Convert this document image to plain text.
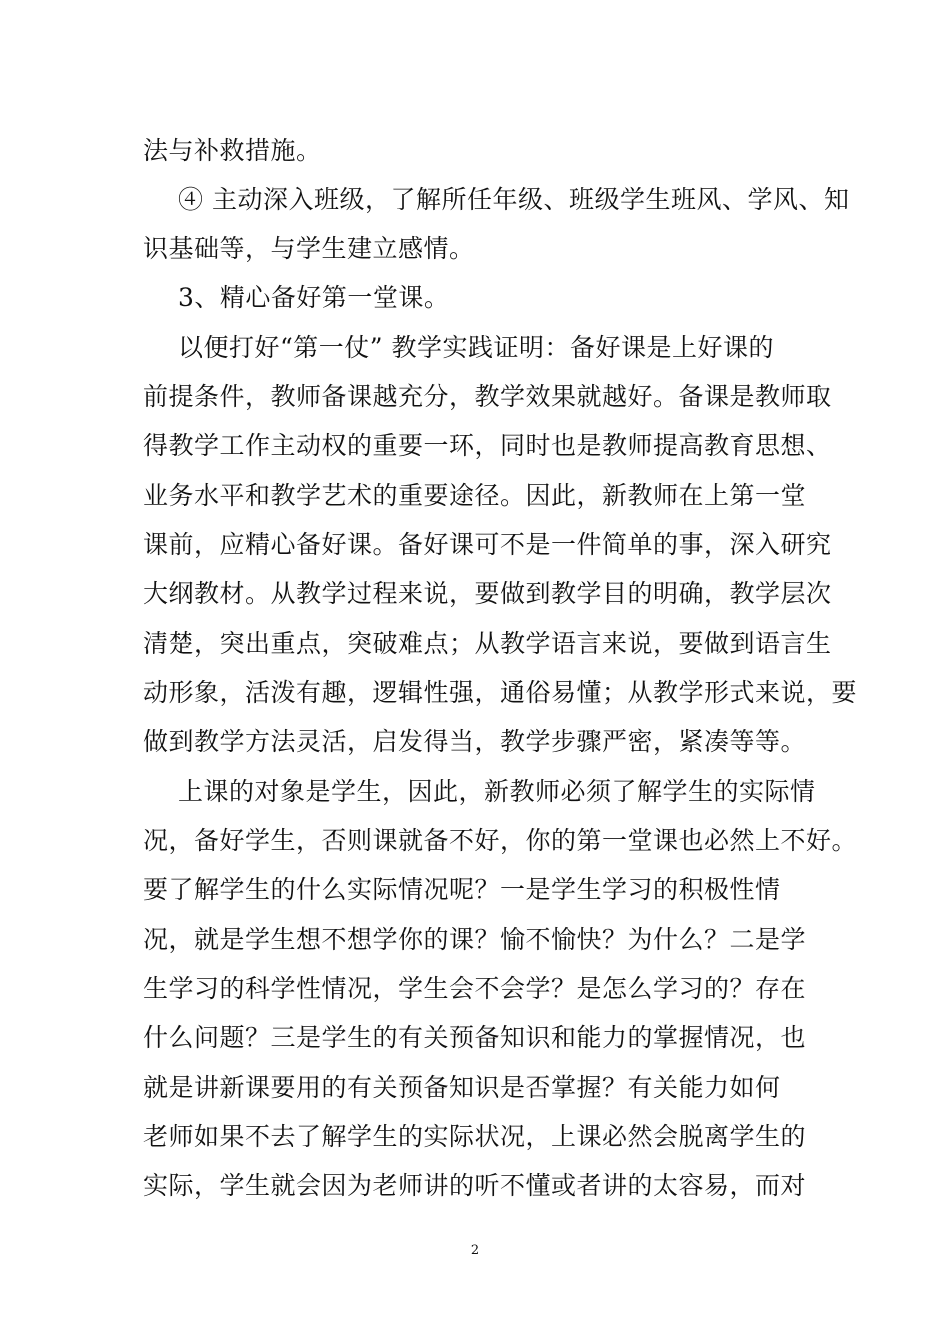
法与补救措施。
④ 主动深入班级，了解所任年级、班级学生班风、学风、知
识基础等，与学生建立感情。
3、精心备好第一堂课。
以便打好“第一仗” 教学实践证明：备好课是上好课的
前提条件，教师备课越充分，教学效果就越好。备课是教师取
得教学工作主动权的重要一环，同时也是教师提高教育思想、
业务水平和教学艺术的重要途径。因此，新教师在上第一堂
课前，应精心备好课。备好课可不是一件简单的事，深入研究
大纲教材。从教学过程来说，要做到教学目的明确，教学层次
清楚，突出重点，突破难点；从教学语言来说，要做到语言生
动形象，活泼有趣，逻辑性强，通俗易懂；从教学形式来说，要
做到教学方法灵活，启发得当，教学步骤严密，紧凑等等。
上课的对象是学生，因此，新教师必须了解学生的实际情
况，备好学生，否则课就备不好，你的第一堂课也必然上不好。
要了解学生的什么实际情况呢？一是学生学习的积极性情
况，就是学生想不想学你的课？愉不愉快？为什么？二是学
生学习的科学性情况，学生会不会学？是怎么学习的？存在
什么问题？三是学生的有关预备知识和能力的掌握情况，也
就是讲新课要用的有关预备知识是否掌握？有关能力如何
老师如果不去了解学生的实际状况，上课必然会脱离学生的
实际，学生就会因为老师讲的听不懂或者讲的太容易，而对
2
